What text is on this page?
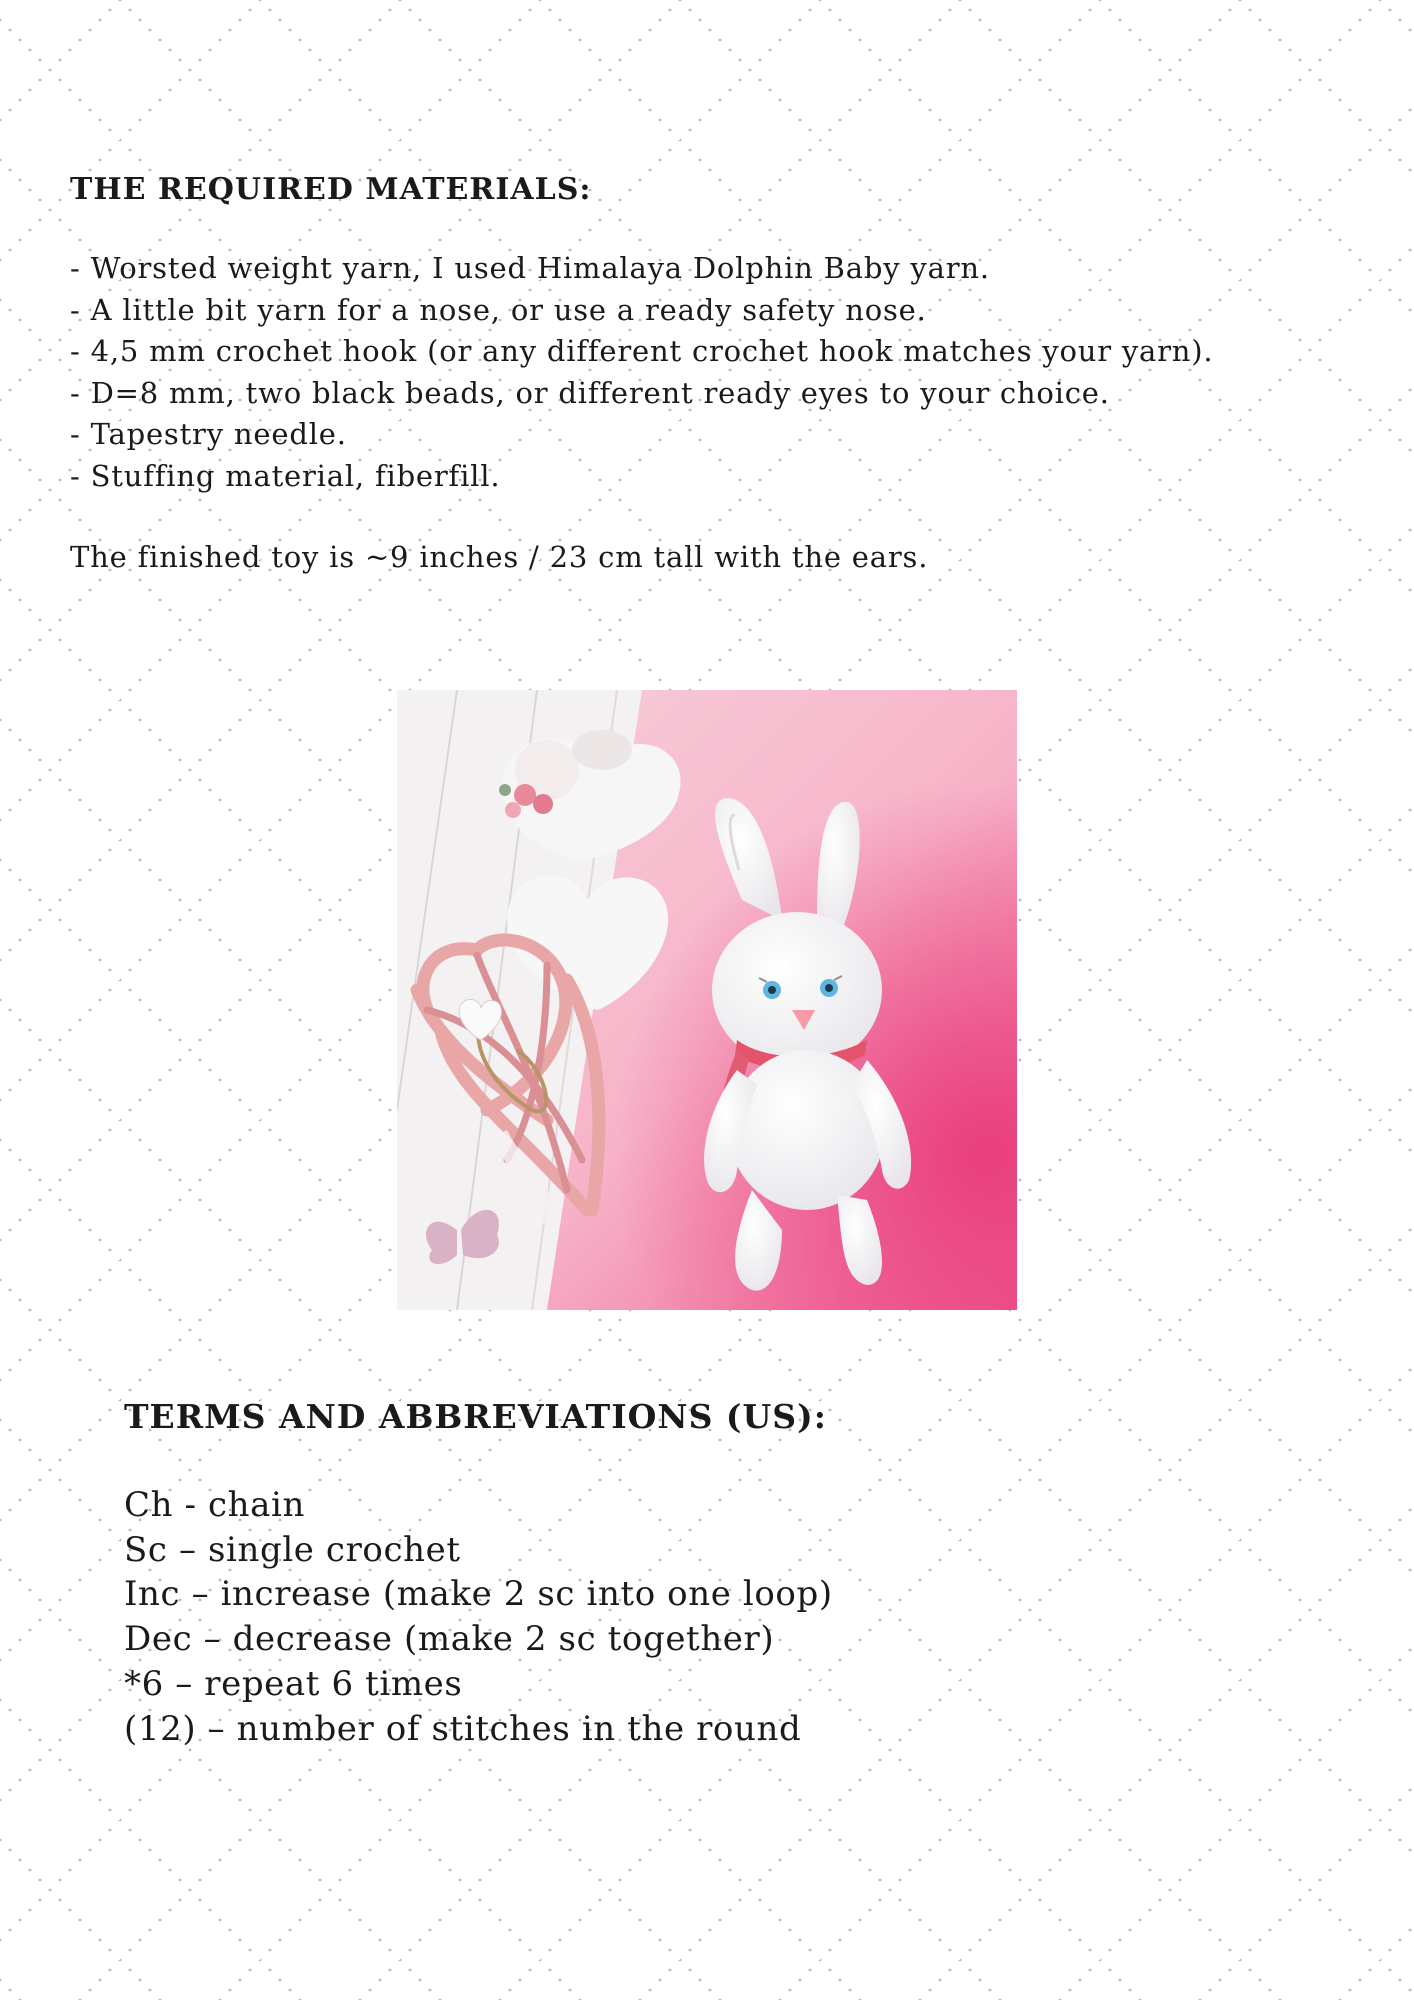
THE REQUIRED MATERIALS:
- Worsted weight yarn, I used Himalaya Dolphin Baby yarn.
- A little bit yarn for a nose, or use a ready safety nose.
- 4,5 mm crochet hook (or any different crochet hook matches your yarn).
- D=8 mm, two black beads, or different ready eyes to your choice.
- Tapestry needle.
- Stuffing material, fiberfill.

The finished toy is ~9 inches / 23 cm tall with the ears.

TERMS AND ABBREVIATIONS (US):
Ch - chain
Sc – single crochet
Inc – increase (make 2 sc into one loop)
Dec – decrease (make 2 sc together)
*6 – repeat 6 times
(12) – number of stitches in the round
